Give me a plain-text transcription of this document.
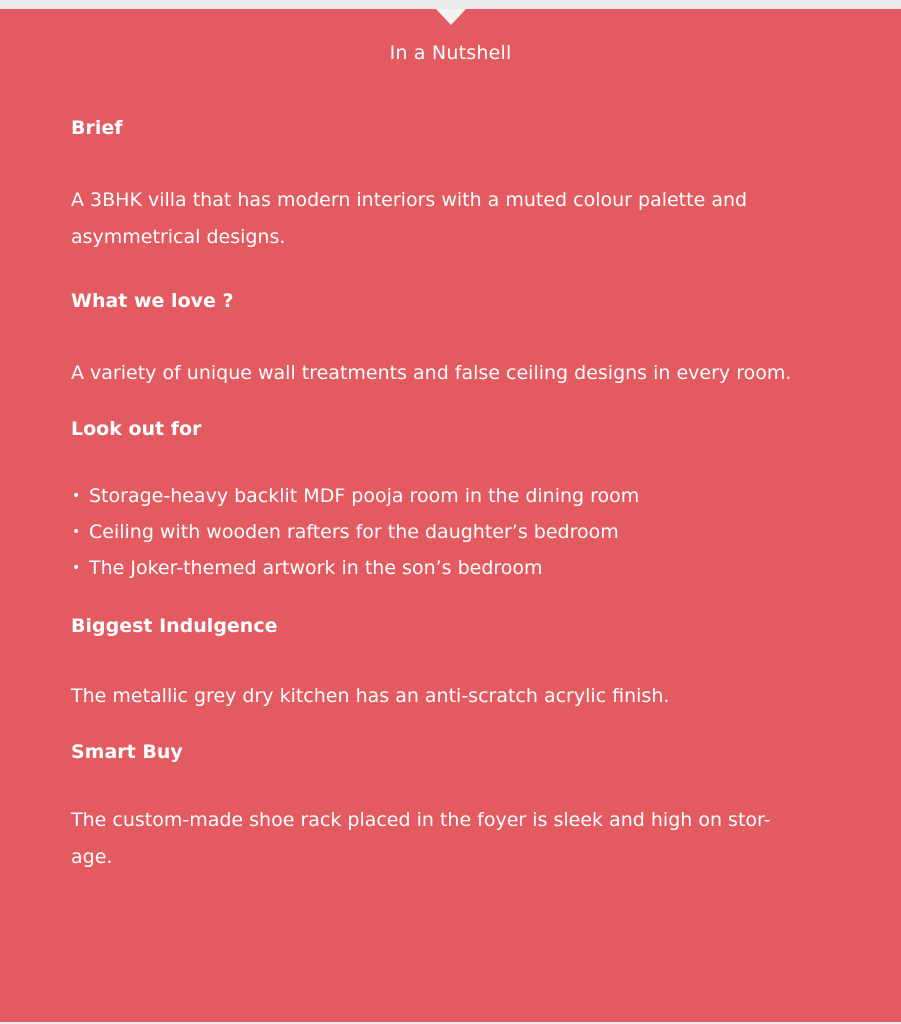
In a Nutshell

Brief

A 3BHK villa that has modern interiors with a muted colour palette and

asymmetrical designs.

What we love ?

A variety of unique wall treatments and false ceiling designs in every room.

Look out for

• Storage-heavy backlit MDF pooja room in the dining room
• Ceiling with wooden rafters for the daughter’s bedroom
• The Joker-themed artwork in the son’s bedroom

Biggest Indulgence

The metallic grey dry kitchen has an anti-scratch acrylic finish.

Smart Buy

The custom-made shoe rack placed in the foyer is sleek and high on stor-

age.
